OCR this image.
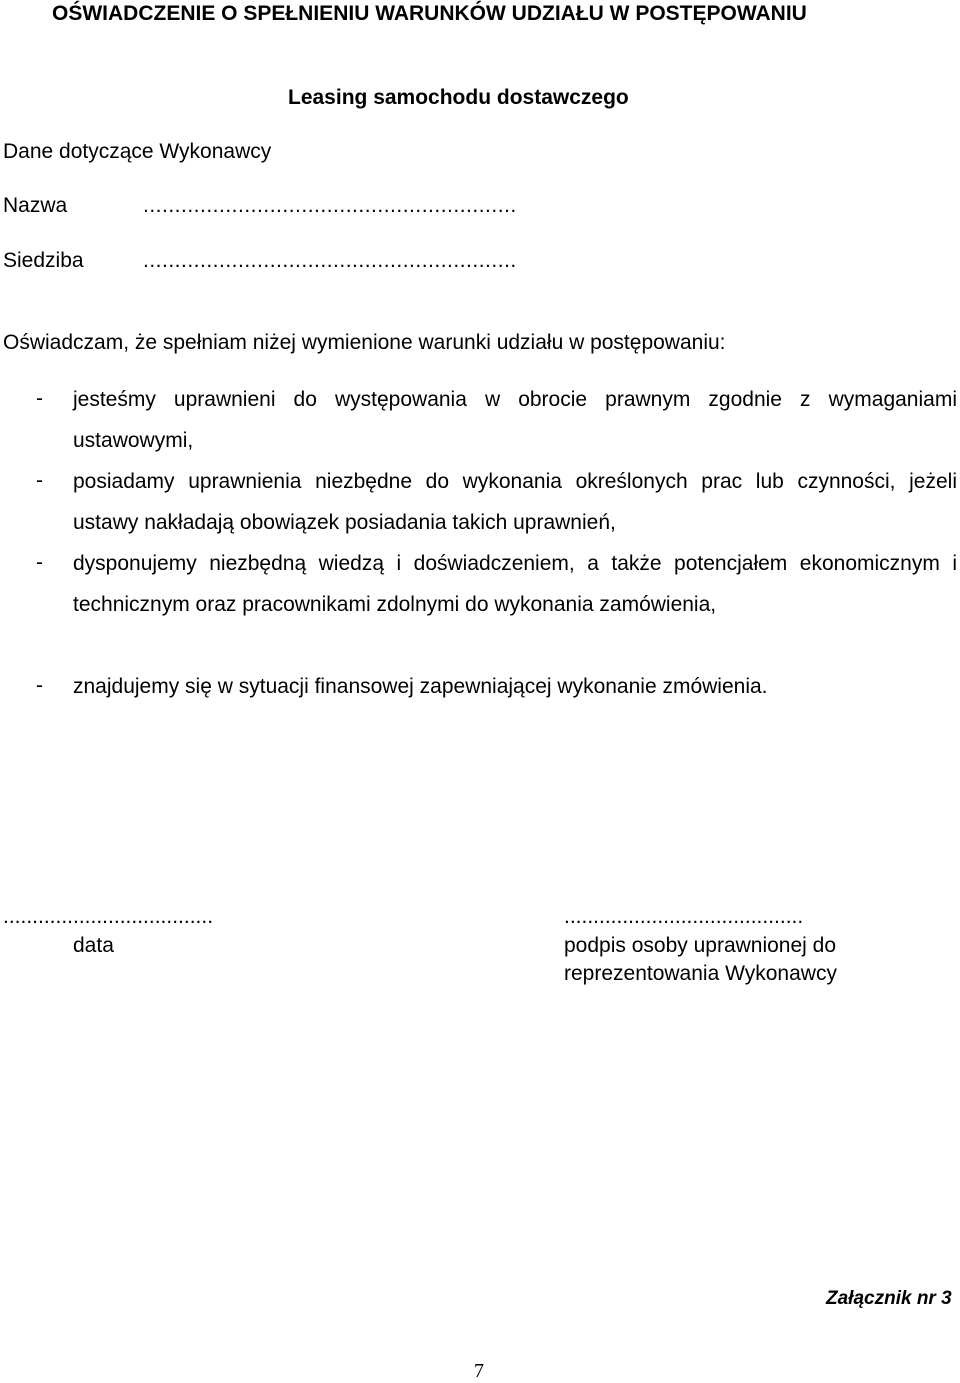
OŚWIADCZENIE O SPEŁNIENIU WARUNKÓW UDZIAŁU W POSTĘPOWANIU
Leasing samochodu dostawczego
Dane dotyczące Wykonawcy
Nazwa	...........................................................
Siedziba	...........................................................
Oświadczam, że spełniam niżej wymienione warunki udziału w postępowaniu:
- jesteśmy uprawnieni do występowania w obrocie prawnym zgodnie z wymaganiami ustawowymi,
- posiadamy uprawnienia niezbędne do wykonania określonych prac lub czynności, jeżeli ustawy nakładają obowiązek posiadania takich uprawnień,
- dysponujemy niezbędną wiedzą i doświadczeniem, a także potencjałem ekonomicznym i technicznym oraz pracownikami zdolnymi do wykonania zamówienia,
- znajdujemy się w sytuacji finansowej zapewniającej wykonanie zmówienia.
....................................
data
.........................................
podpis osoby uprawnionej do reprezentowania Wykonawcy
Załącznik nr 3
7
